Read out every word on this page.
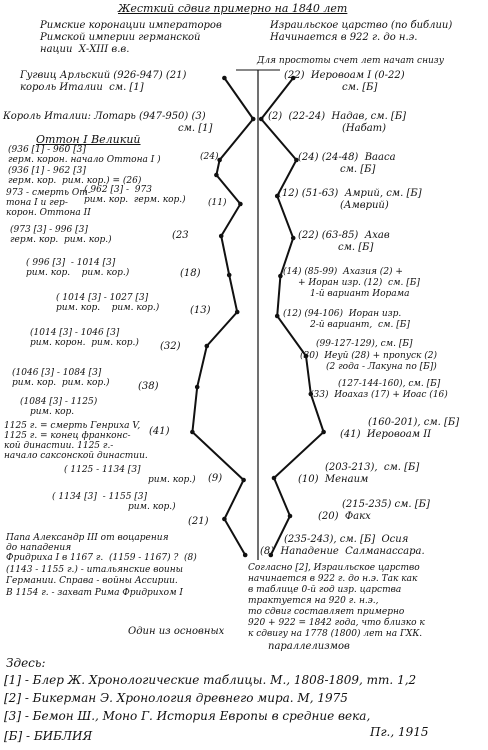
Жесткий сдвиг примерно на 1840 лет
Римские коронации императоров
Римской империи германской
нации  Х-ХIII в.в.
Израильское царство (по библии)
Начинается в 922 г. до н.э.
Для простоты счет лет начат снизу
Гугвиц Арльский (926-947) (21)
король Италии  см. [1]
Король Италии: Лотарь (947-950) (3)
см. [1]
Оттон I Великий
(936 [1] - 960 [3]
герм. корон. начало Оттона I )	(24)
(936 [1] - 962 [3]
герм. кор.  рим. кор.) = (26)
973 - смерть От-
тона I и гер-
корон. Оттона II
( 962 [3] -  973
рим. кор.  герм. кор.) (11)
(973 [3] - 996 [3]
герм. кор.  рим. кор.)	(23
( 996 [3]  - 1014 [3]
рим. кор.    рим. кор.)	(18)
( 1014 [3] - 1027 [3]
рим. кор.    рим. кор.)	(13)
(1014 [3] - 1046 [3]
рим. корон.  рим. кор.) (32)
(1046 [3] - 1084 [3]
рим. кор.  рим. кор.)	(38)
(1084 [3] - 1125)
рим. кор.
1125 г. = смерть Генриха V,
1125 г. = конец франконс-
кой династии. 1125 г.-
начало саксонской династии.
(41)
( 1125 - 1134 [3]
рим. кор.) (9)
( 1134 [3]  - 1155 [3]
рим. кор.)
(21)
Папа Александр III от воцарения
до нападения
Фридриха I в 1167 г.  (1159 - 1167) ?  (8)
(1143 - 1155 г.) - итальянские воины
Германии. Справа - войны Ассирии.
В 1154 г. - захват Рима Фридрихом I
(22)  Иеровоам I (0-22)
см. [Б]
(2)  (22-24)  Надав, см. [Б]
(Набат)
(24) (24-48)  Вааса
см. [Б]
(12) (51-63)  Амрий, см. [Б]
(Амврий)
(22) (63-85)  Ахав
см. [Б]
(14) (85-99)  Ахазия (2) +
+ Иоран изр. (12)  см. [Б]
1-й вариант Иорама
(12) (94-106)  Иоран изр.
2-й вариант,  см. [Б]
(99-127-129), см. [Б]
(30)  Иеуй (28) + пропуск (2)
(2 года - Лакуна по [Б])
(127-144-160), см. [Б]
(33)  Иоахаз (17) + Иоас (16)
(160-201), см. [Б]
(41)  Иеровоам II
(203-213),  см. [Б]
(10)  Менаим
(215-235) см. [Б]
(20)  Факх
(235-243), см. [Б]  Осия
(8)  Нападение  Салманассара.
Согласно [2], Израильское царство
начинается в 922 г. до н.э. Так как
в таблице 0-й год изр. царства
трактуется на 920 г. н.э.,
то сдвиг составляет примерно
920 + 922 = 1842 года, что близко к
к сдвигу на 1778 (1800) лет на ГХК.
Один из основных
параллелизмов
Здесь:
[1] - Блер Ж. Хронологические таблицы. М., 1808-1809, тт. 1,2
[2] - Бикерман Э. Хронология древнего мира. М, 1975
[3] - Бемон Ш., Моно Г. История Европы в средние века,
Пг., 1915
[Б] - БИБЛИЯ
